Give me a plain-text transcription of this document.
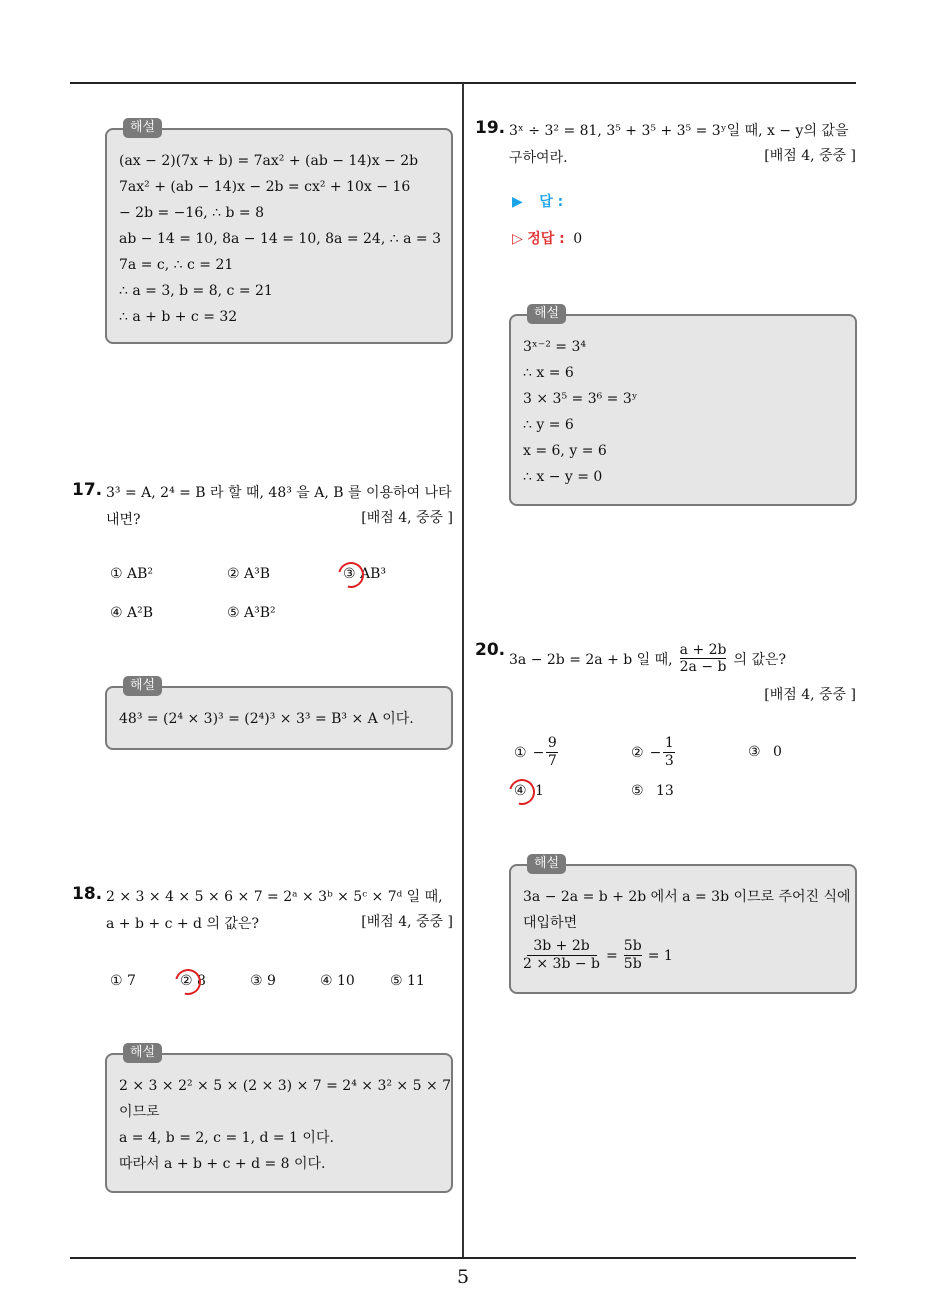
해설
(ax − 2)(7x + b) = 7ax² + (ab − 14)x − 2b
7ax² + (ab − 14)x − 2b = cx² + 10x − 16
− 2b = −16, ∴ b = 8
ab − 14 = 10, 8a − 14 = 10, 8a = 24, ∴ a = 3
7a = c, ∴ c = 21
∴ a = 3, b = 8, c = 21
∴ a + b + c = 32
17. 3³ = A, 2⁴ = B 라 할 때, 48³ 을 A, B 를 이용하여 나타내면?	[배점 4, 중중 ]
① AB²	② A³B	③ AB³
④ A²B	⑤ A³B²
해설
48³ = (2⁴ × 3)³ = (2⁴)³ × 3³ = B³ × A 이다.
18. 2 × 3 × 4 × 5 × 6 × 7 = 2ᵃ × 3ᵇ × 5ᶜ × 7ᵈ 일 때, a + b + c + d 의 값은?	[배점 4, 중중 ]
① 7	② 8	③ 9	④ 10	⑤ 11
해설
2 × 3 × 2² × 5 × (2 × 3) × 7 = 2⁴ × 3² × 5 × 7
이므로
a = 4, b = 2, c = 1, d = 1 이다.
따라서 a + b + c + d = 8 이다.
19. 3ˣ ÷ 3² = 81, 3⁵ + 3⁵ + 3⁵ = 3ʸ일 때, x − y의 값을 구하여라.	[배점 4, 중중 ]
▶ 답 :
▷ 정답 : 0
해설
3ˣ⁻² = 3⁴
∴ x = 6
3 × 3⁵ = 3⁶ = 3ʸ
∴ y = 6
x = 6, y = 6
∴ x − y = 0
20. 3a − 2b = 2a + b 일 때,
a + 2b
2a − b 의 값은?
[배점 4, 중중 ]
① −
9
7
② −
1
3
③ 0
④ 1	⑤ 13
해설
3a − 2a = b + 2b 에서 a = 3b 이므로 주어진 식에
대입하면
3b + 2b
2 × 3b − b
=
5b
5b
= 1
5
